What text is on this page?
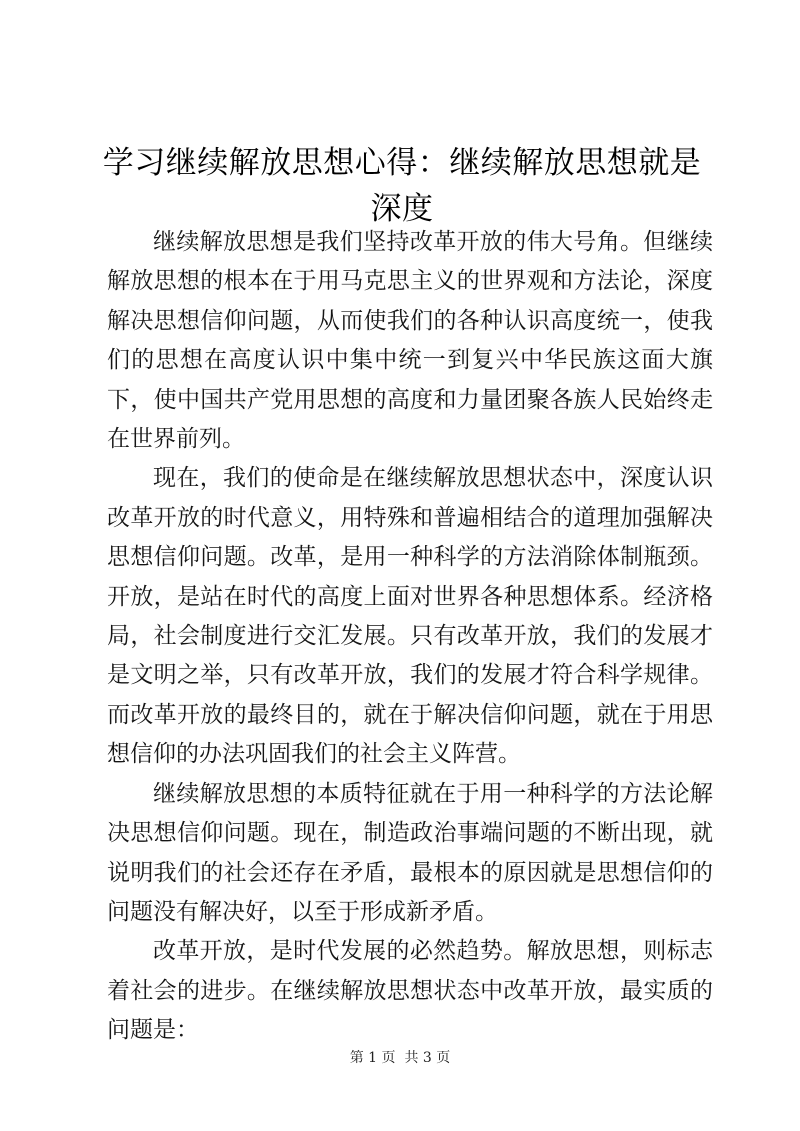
学习继续解放思想心得：继续解放思想就是深度

继续解放思想是我们坚持改革开放的伟大号角。但继续解放思想的根本在于用马克思主义的世界观和方法论，深度解决思想信仰问题，从而使我们的各种认识高度统一，使我们的思想在高度认识中集中统一到复兴中华民族这面大旗下，使中国共产党用思想的高度和力量团聚各族人民始终走在世界前列。

现在，我们的使命是在继续解放思想状态中，深度认识改革开放的时代意义，用特殊和普遍相结合的道理加强解决思想信仰问题。改革，是用一种科学的方法消除体制瓶颈。开放，是站在时代的高度上面对世界各种思想体系。经济格局，社会制度进行交汇发展。只有改革开放，我们的发展才是文明之举，只有改革开放，我们的发展才符合科学规律。而改革开放的最终目的，就在于解决信仰问题，就在于用思想信仰的办法巩固我们的社会主义阵营。

继续解放思想的本质特征就在于用一种科学的方法论解决思想信仰问题。现在，制造政治事端问题的不断出现，就说明我们的社会还存在矛盾，最根本的原因就是思想信仰的问题没有解决好，以至于形成新矛盾。

改革开放，是时代发展的必然趋势。解放思想，则标志着社会的进步。在继续解放思想状态中改革开放，最实质的问题是：

第 1 页  共 3 页
